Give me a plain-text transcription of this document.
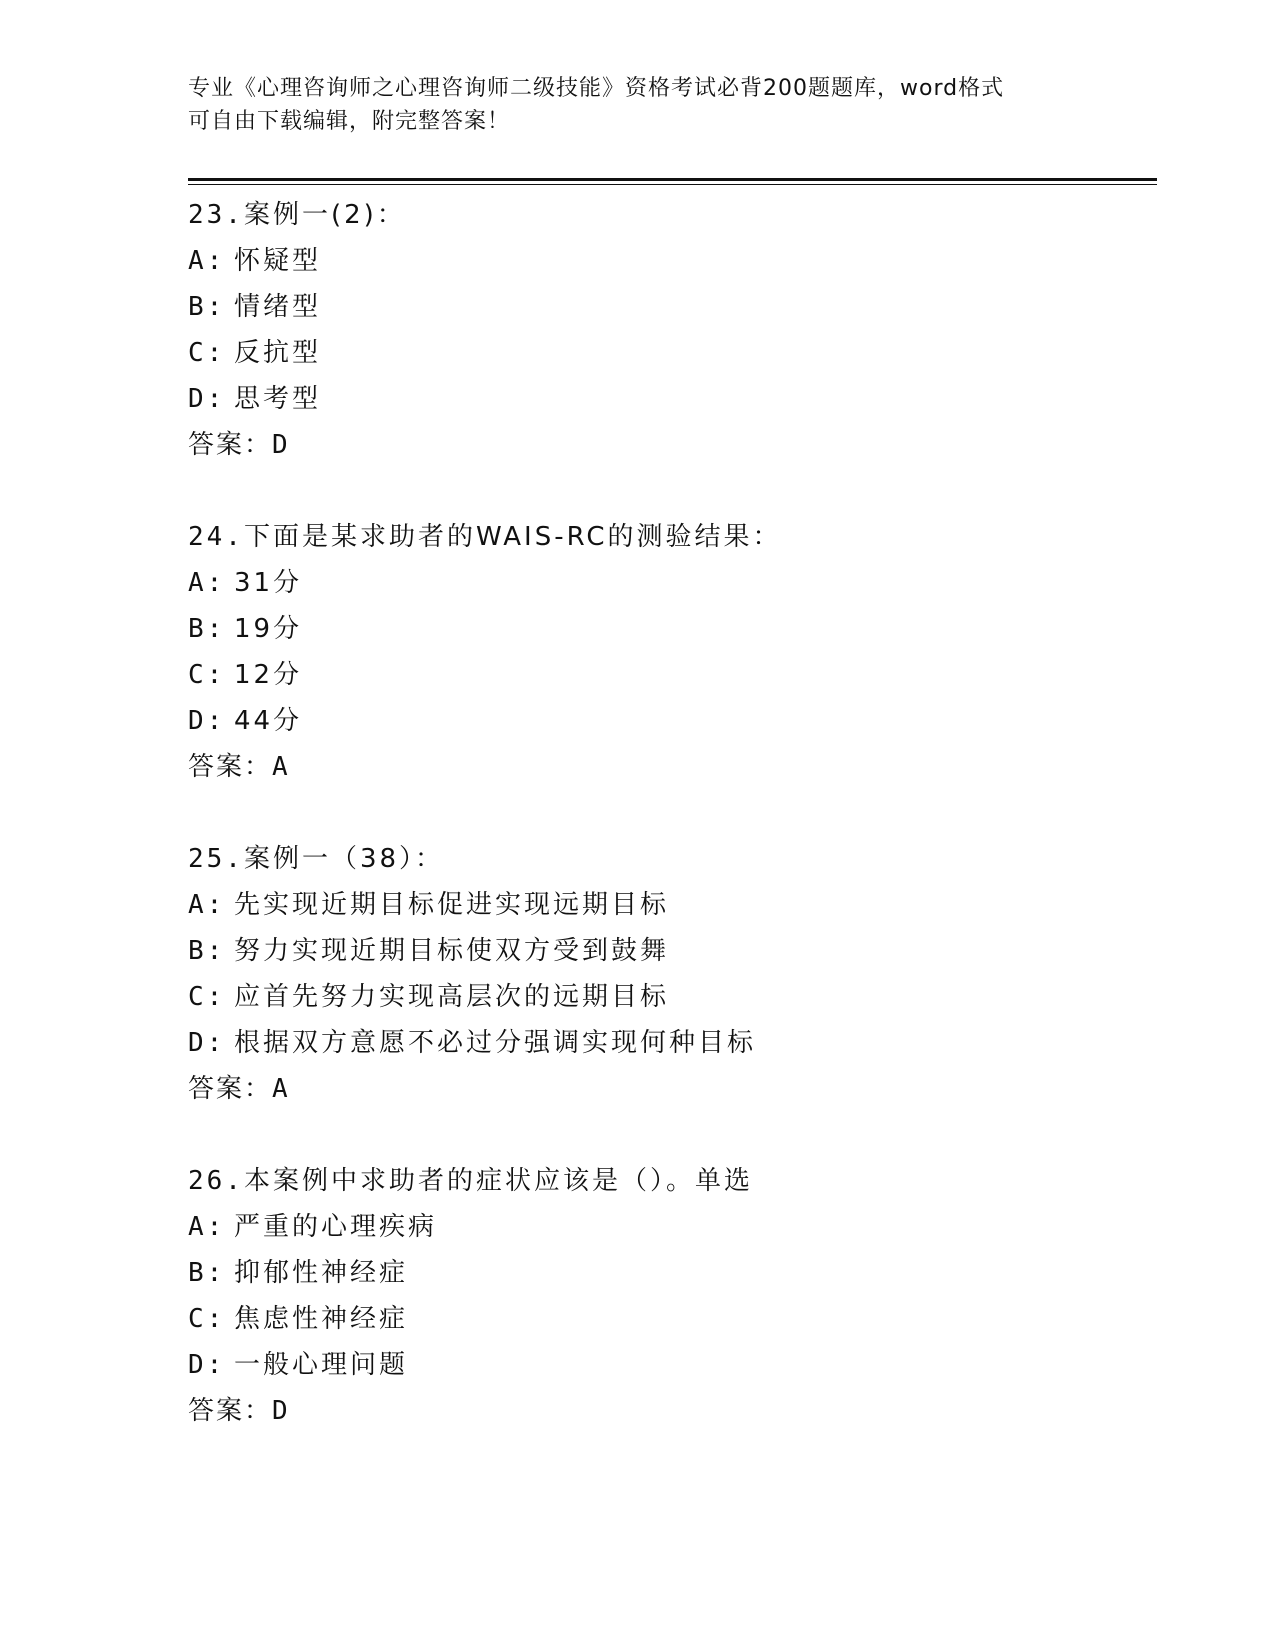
专业《心理咨询师之心理咨询师二级技能》资格考试必背200题题库，word格式
可自由下载编辑，附完整答案！
23.案例一(2)：
A: 怀疑型
B: 情绪型
C: 反抗型
D: 思考型
答案：D
24.下面是某求助者的WAIS-RC的测验结果：
A: 31分
B: 19分
C: 12分
D: 44分
答案：A
25.案例一（38）：
A: 先实现近期目标促进实现远期目标
B: 努力实现近期目标使双方受到鼓舞
C: 应首先努力实现高层次的远期目标
D: 根据双方意愿不必过分强调实现何种目标
答案：A
26.本案例中求助者的症状应该是（）。单选
A: 严重的心理疾病
B: 抑郁性神经症
C: 焦虑性神经症
D: 一般心理问题
答案：D
